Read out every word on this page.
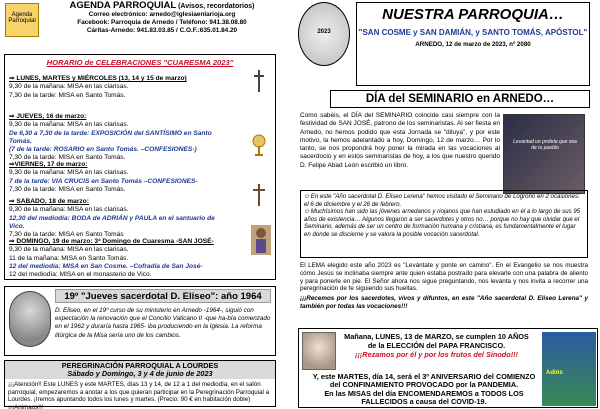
Agenda Parroquial
AGENDA PARROQUIAL (Avisos, recordatorios)
Correo electrónico: arnedo@iglesiaenlarioja.org
Facebook: Parroquia de Arnedo / Teléfono: 941.38.08.80
Cáritas-Arnedo: 941.83.03.85 / C.O.F.:635.01.84.20
HORARIO de CELEBRACIONES "CUARESMA 2023"
⇒ LUNES, MARTES y MIÉRCOLES (13, 14 y 15 de marzo)
9,30 de la mañana: MISA en las clarisas.
7,30 de la tarde: MISA en Santo Tomás.
⇒ JUEVES, 16 de marzo:
9,30 de la mañana: MISA en las clarisas.
De 6,30 a 7,30 de la tarde: EXPOSICIÓN del SANTÍSIMO en Santo Tomás.
(7 de la tarde: ROSARIO en Santo Tomás. –CONFESIONES-)
7,30 de la tarde: MISA en Santo Tomás.
⇒VIERNES, 17 de marzo:
9,30 de la mañana: MISA en las clarisas.
7 de la tarde: VIA CRUCIS en Santo Tomás –CONFESIONES-
7,30 de la tarde: MISA en Santo Tomás.
⇒ SABADO, 18 de marzo:
9,30 de la mañana: MISA en las clarisas.
12,30 del mediodía: BODA de ADRIÁN y PAULA en el santuario de Vico.
7,30 de la tarde: MISA en Santo Tomás
⇒ DOMINGO, 19 de marzo: 3ª Domingo de Cuaresma -SAN JOSÉ-
9,30 de la mañana: MISA en las clarisas.
11 de la mañana: MISA en Santo Tomás.
12 del mediodía: MISA en San Cosme. –Cofradía de San José-
12 del mediodía: MISA en el monasterio de Vico.
19º "Jueves sacerdotal D. Eliseo": año 1964
D. Eliseo, en el 19º curso de su ministerio en Arnedo -1964-, siguió con expectación la renovación que el Concilio Vaticano II -que ha-bía comenzado en el 1962 y duraría hasta 1965- iba produciendo en la Iglesia. La reforma litúrgica de la Misa sería uno de los cambios.
PEREGRINACIÓN PARROQUIAL A LOURDES
Sábado y Domingo, 3 y 4 de junio de 2023
¡¡¡Atención!! Este LUNES y este MARTES, días 13 y 14, de 12 a 1 del mediodía, en el salón parroquial, empezaremos a anotar a los que quieran participar en la Peregrinación Parroquial a Lourdes. ¡Iremos apuntando todos los lunes y martes. (Precio: 90 € en habitación doble) ¡¡¡Animaos!!!
2023
NUESTRA PARROQUIA…
"SAN COSME y SAN DAMIÁN, y SANTO TOMÁS, APÓSTOL"
ARNEDO, 12 de marzo de 2023, nº 2080
DÍA del SEMINARIO en ARNEDO…
Como sabéis, el DÍA del SEMINARIO coincide casi siempre con la festividad de SAN JOSÉ, patrono de los seminaristas. Al ser fiesta en Arnedo, no hemos podido que esta Jornada se "diluya", y por este motivo, la hemos adelantado a hoy, Domingo, 12 de marzo… Por lo tanto, se nos propondrá hoy poner la mirada en las vocaciones al sacerdocio y en estos seminaristas de hoy, a los que nuestro querido D. Felipe Abad León escribió un libro.
Levantad un profeta que sea de tu pueblo
✩ En este "Año sacerdotal D. Eliseo Lerena" hemos visitado el Seminario de Logroño en 2 ocasiones: el 6 de diciembre y el 26 de febrero.
✩ Muchísimos han sido las jóvenes arnedanos y riojanos que han estudiado en él a lo largo de sus 95 años de existencia… Algunos llegaron a ser sacerdotes y otros no… porque no hay que olvidar que el Seminario, además de ser un centro de formación humana y cristiana, es fundamentalmente el lugar en donde se discierne y se valora la posible vocación sacerdotal.
El LEMA elegido este año 2023 es "Levántate y ponte en camino". En el Evangelio se nos muestra cómo Jesús se inclinaba siempre ante quien estaba postrado para elevarle con una palabra de aliento y para ponerle en pie. El Señor ahora nos sigue preguntando, nos levanta y nos invita a recorrer una peregrinación de fe siguiendo sus huellas.
¡¡¡Recemos por los sacerdotes, vivos y difuntos, en este "Año sacerdotal D. Eliseo Lerena" y también por todas las vocaciones!!!
Mañana, LUNES, 13 de MARZO, se cumplen 10 AÑOS de la ELECCIÓN del PAPA FRANCISCO.
¡¡¡Rezamos por él y por los frutos del Sínodo!!!
Y, este MARTES, día 14, será el 3º ANIVERSARIO del COMIENZO del CONFINAMIENTO PROVOCADO por la PANDEMIA.
En las MISAS del día ENCOMENDAREMOS a TODOS LOS FALLECIDOS a causa del COVID-19.
Adiós
